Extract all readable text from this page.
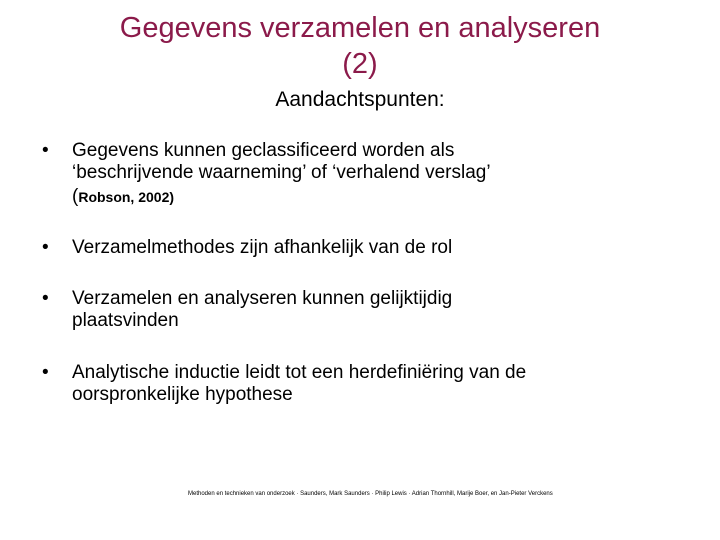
Gegevens verzamelen en analyseren
(2)
Aandachtspunten:
• Gegevens kunnen geclassificeerd worden als
‘beschrijvende waarneming’ of ‘verhalend verslag’
(Robson, 2002)
• Verzamelmethodes zijn afhankelijk van de rol
• Verzamelen en analyseren kunnen gelijktijdig
plaatsvinden
• Analytische inductie leidt tot een herdefiniëring van de
oorspronkelijke hypothese
Methoden en technieken van onderzoek · Saunders, Mark Saunders · Philip Lewis · Adrian Thornhill, Marije Boer, en Jan-Pieter Verckens
